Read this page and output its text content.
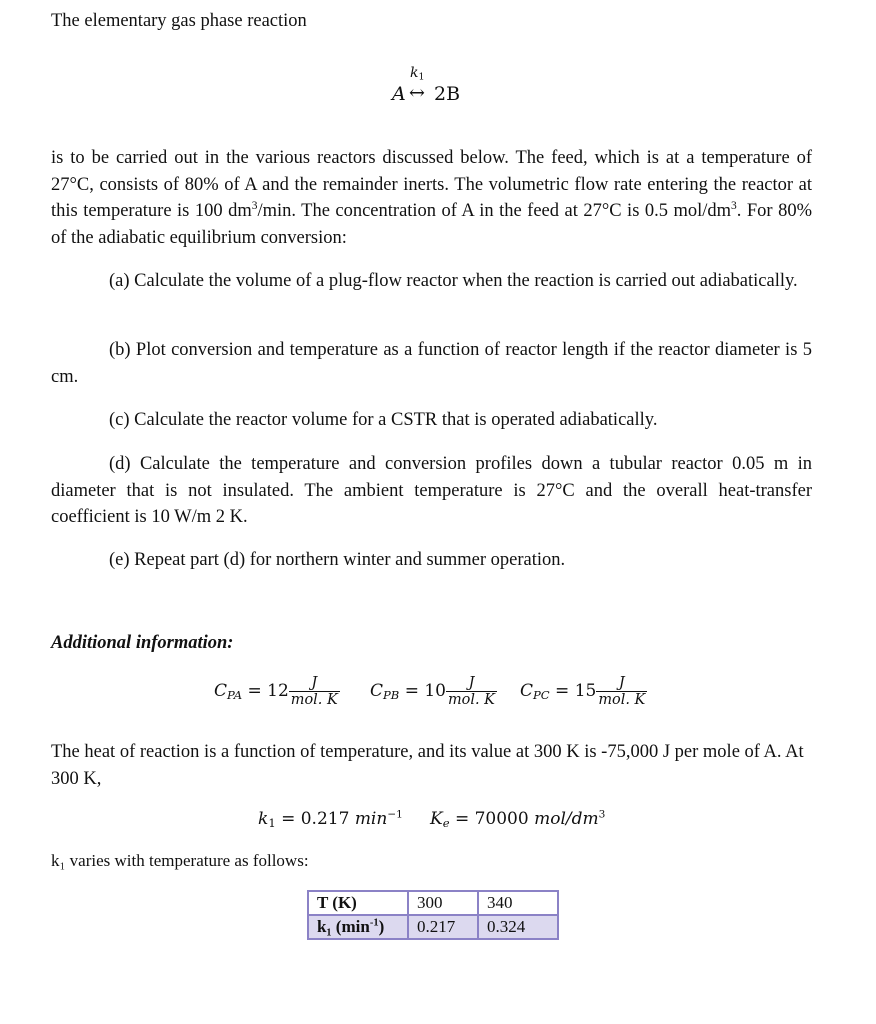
The elementary gas phase reaction
A ↔
$k_1$
2B
is to be carried out in the various reactors discussed below. The feed, which is at a temperature of 27°C, consists of 80% of A and the remainder inerts. The volumetric flow rate entering the reactor at this temperature is 100 $dm^3/\min$. The concentration of A in the feed at 27°C is 0.5 mol/$dm^3$. For 80% of the adiabatic equilibrium conversion:
(a) Calculate the volume of a plug-flow reactor when the reaction is carried out adiabatically.
(b) Plot conversion and temperature as a function of reactor length if the reactor diameter is 5 cm.
(c) Calculate the reactor volume for a CSTR that is operated adiabatically.
(d) Calculate the temperature and conversion profiles down a tubular reactor 0.05 m in diameter that is not insulated. The ambient temperature is 27°C and the overall heat-transfer coefficient is 10 W/m 2 K.
(e) Repeat part (d) for northern winter and summer operation.
Additional information:
$C_{PA} = 12 \frac{J}{\text{mol. K}} C_{PB} = 10 \frac{J}{\text{mol. K}} C_{PC} = 15 \frac{J}{\text{mol. K}}$
The heat of reaction is a function of temperature, and its value at 300 K is -75,000 J per mole of A. At 300 K,
$k_1 = 0.217$ $\min^{-1} K_e = 70000$ mol/$dm^3$
k₁ varies with temperature as follows:
T (K)	300	340
k₁ $(\min^{-1})$	0.217	0.324
